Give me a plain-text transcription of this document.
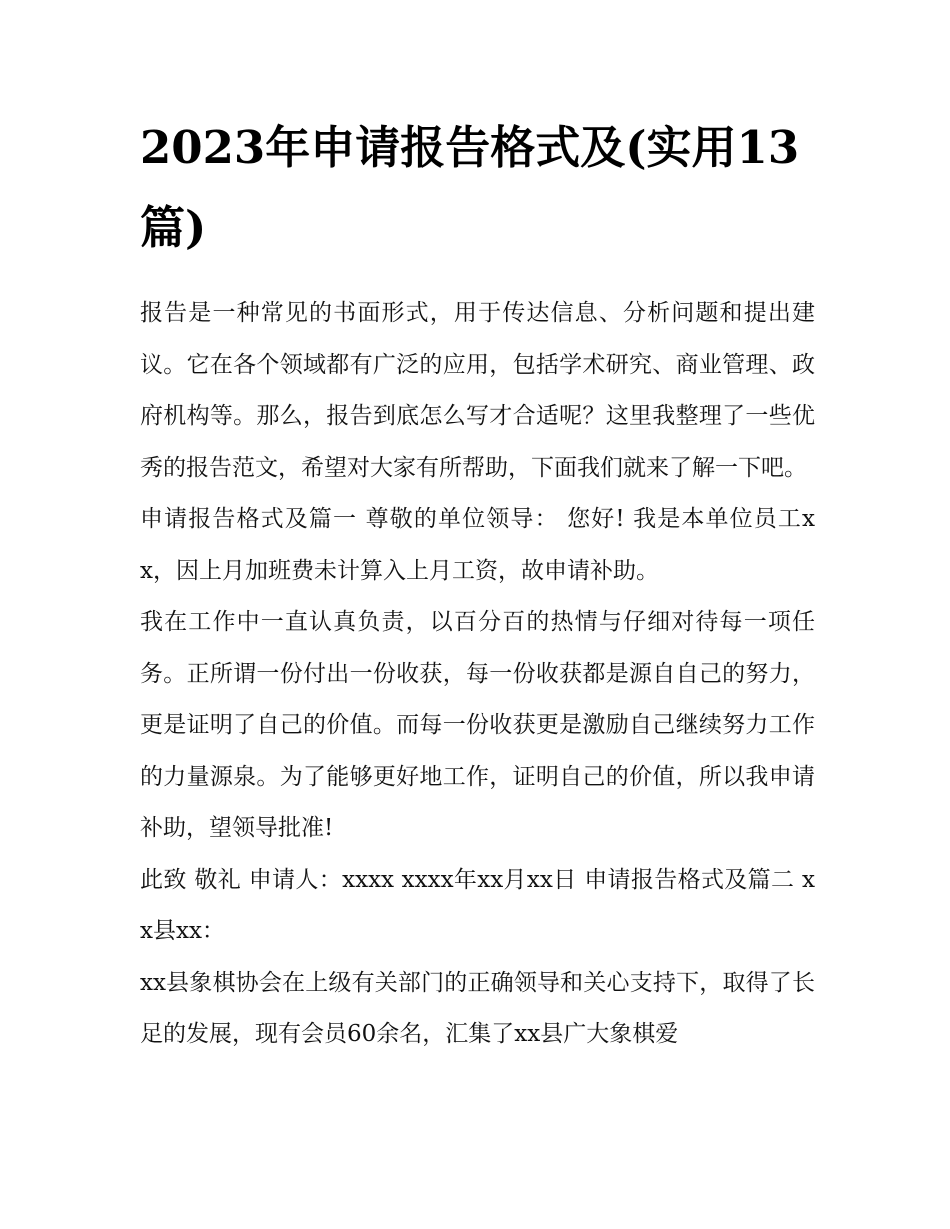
2023年申请报告格式及(实用13篇)

报告是一种常见的书面形式，用于传达信息、分析问题和提出建议。它在各个领域都有广泛的应用，包括学术研究、商业管理、政府机构等。那么，报告到底怎么写才合适呢？这里我整理了一些优秀的报告范文，希望对大家有所帮助，下面我们就来了解一下吧。

申请报告格式及篇一 尊敬的单位领导： 您好! 我是本单位员工xx，因上月加班费未计算入上月工资，故申请补助。

我在工作中一直认真负责，以百分百的热情与仔细对待每一项任务。正所谓一份付出一份收获，每一份收获都是源自自己的努力，更是证明了自己的价值。而每一份收获更是激励自己继续努力工作的力量源泉。为了能够更好地工作，证明自己的价值，所以我申请补助，望领导批准!

此致 敬礼 申请人：xxxx xxxx年xx月xx日 申请报告格式及篇二 xx县xx：

xx县象棋协会在上级有关部门的正确领导和关心支持下，取得了长足的发展，现有会员60余名，汇集了xx县广大象棋爱
